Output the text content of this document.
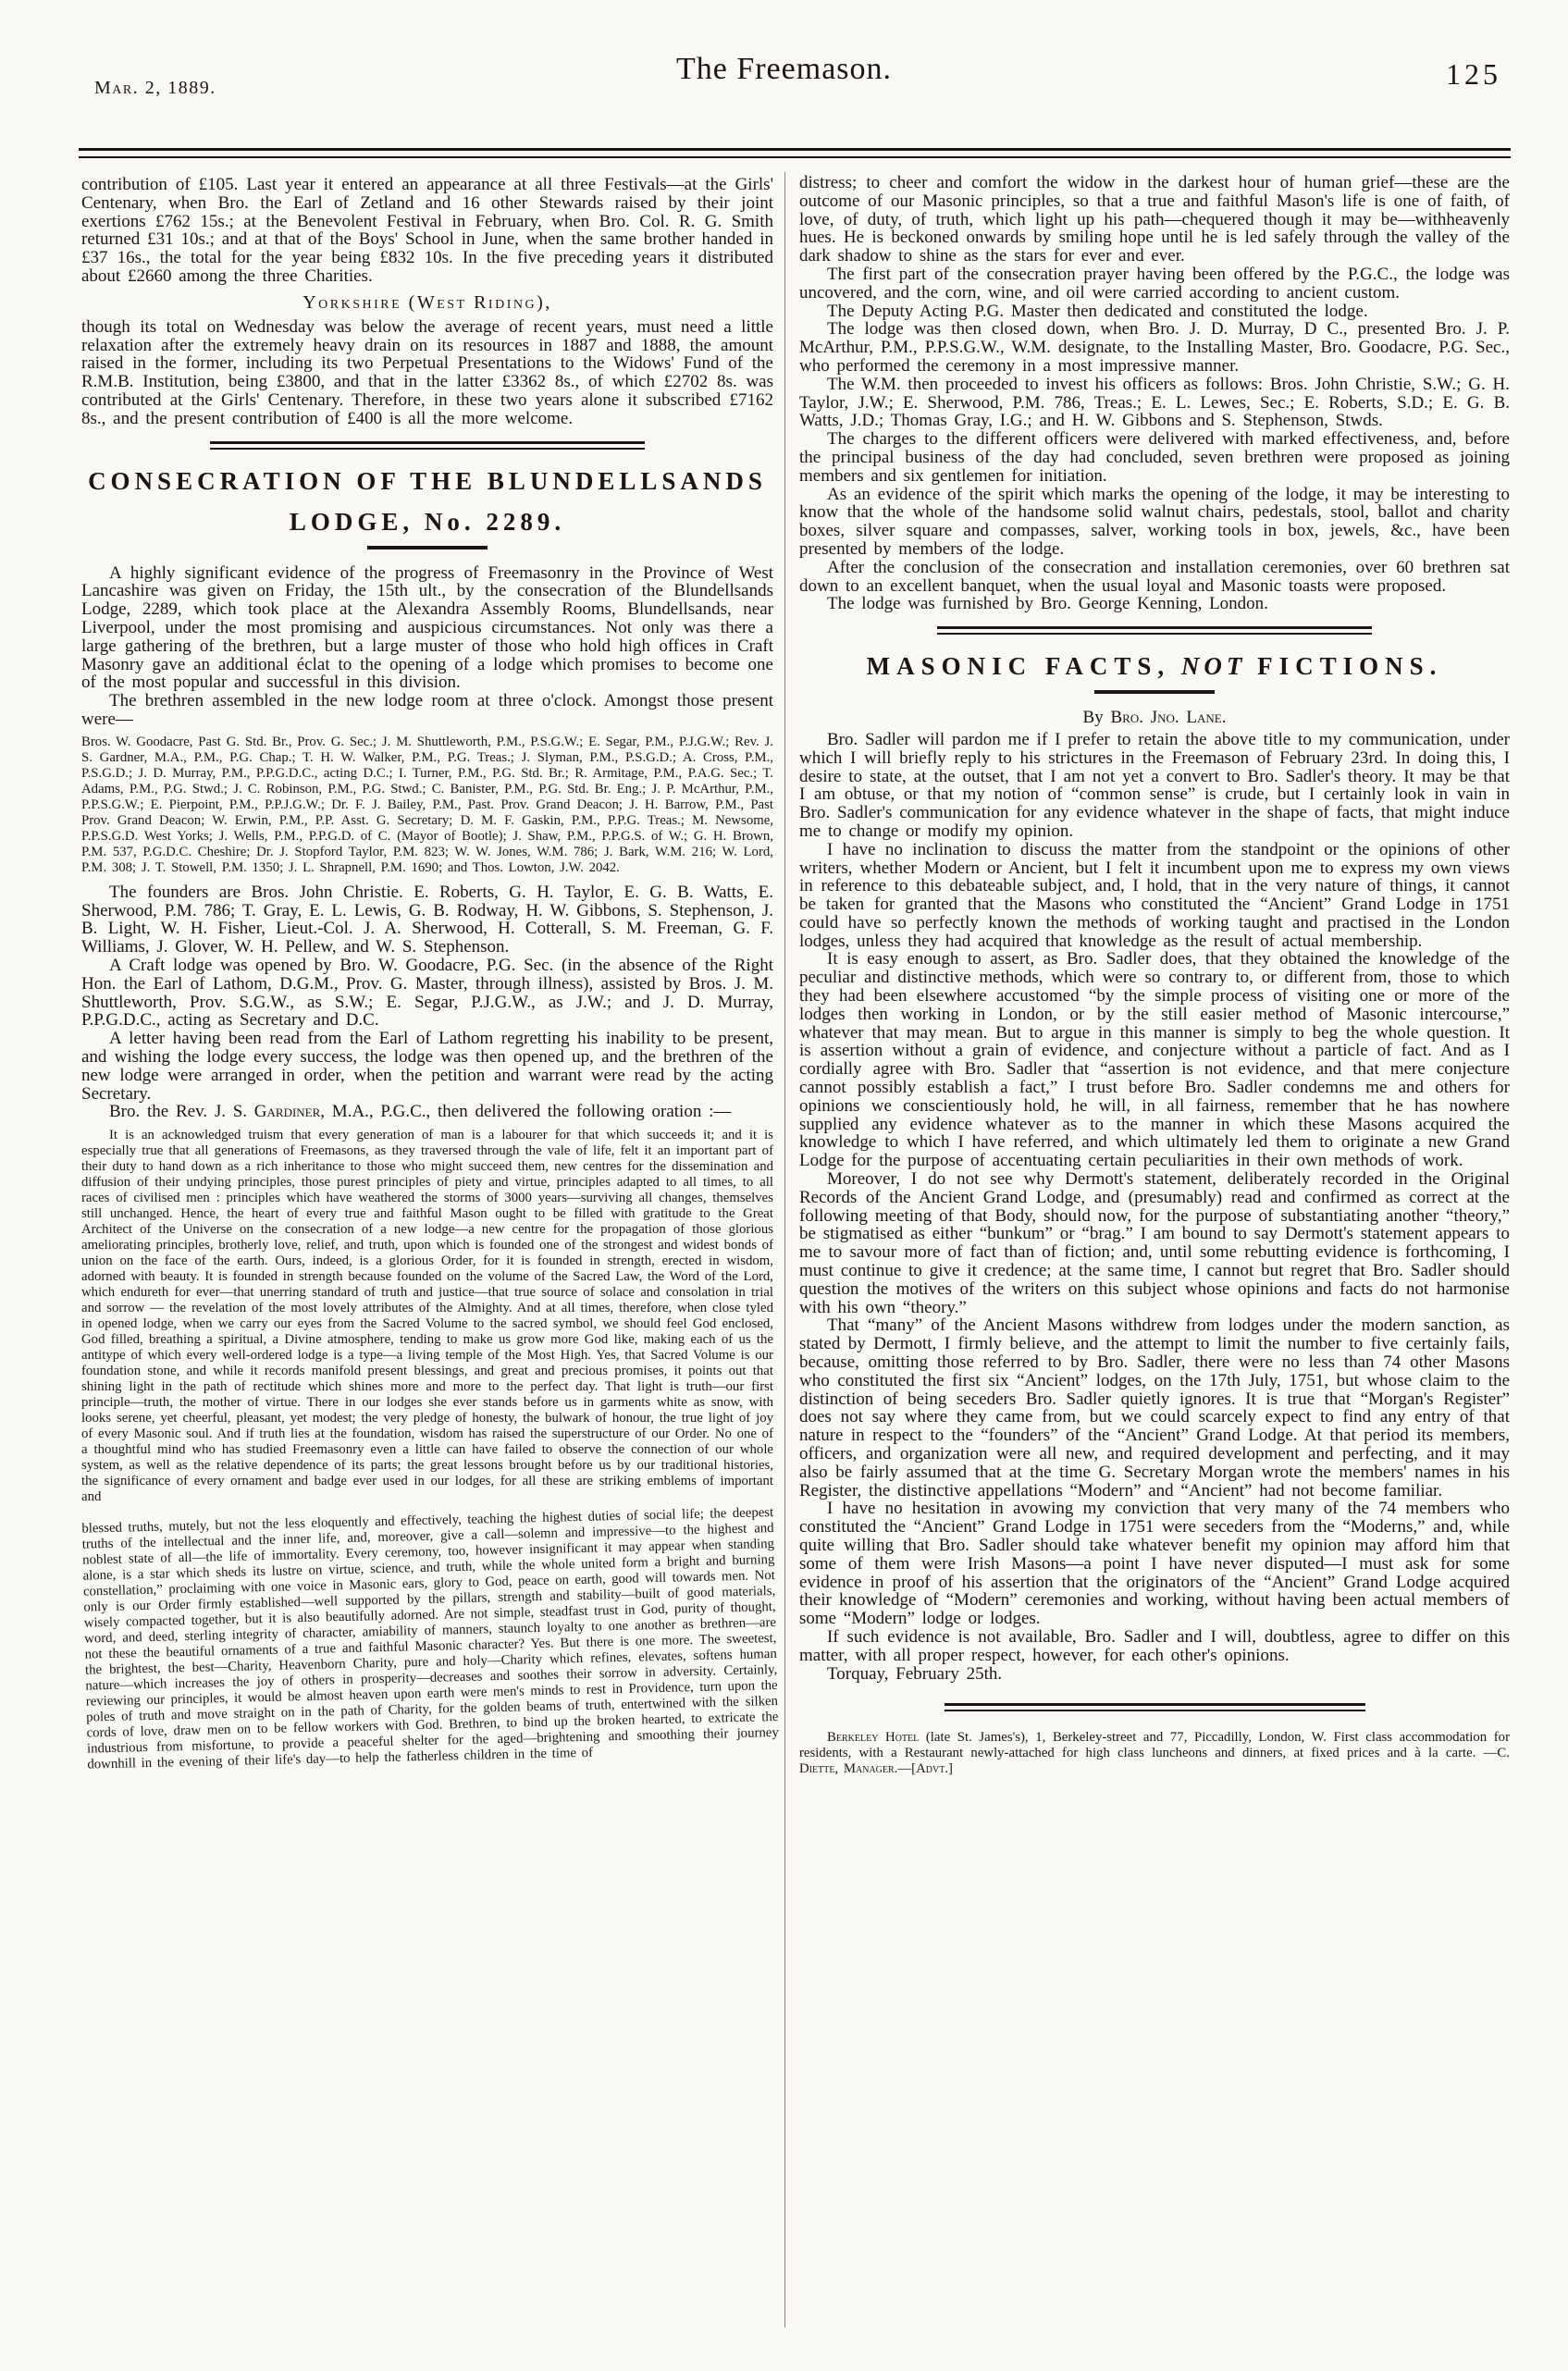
Mar. 2, 1889.
The Freemason.	125

contribution of £105. Last year it entered an appearance at all three Festivals—at the Girls' Centenary, when Bro. the Earl of Zetland and 16 other Stewards raised by their joint exertions £762 15s.; at the Benevolent Festival in February, when Bro. Col. R. G. Smith returned £31 10s.; and at that of the Boys' School in June, when the same brother handed in £37 16s., the total for the year being £832 10s. In the five preceding years it distributed about £2660 among the three Charities.

Yorkshire (West Riding),

though its total on Wednesday was below the average of recent years, must need a little relaxation after the extremely heavy drain on its resources in 1887 and 1888, the amount raised in the former, including its two Perpetual Presentations to the Widows' Fund of the R.M.B. Institution, being £3800, and that in the latter £3362 8s., of which £2702 8s. was contributed at the Girls' Centenary. Therefore, in these two years alone it subscribed £7162 8s., and the present contribution of £400 is all the more welcome.

CONSECRATION OF THE BLUNDELLSANDS
LODGE, No. 2289.

A highly significant evidence of the progress of Freemasonry in the Province of West Lancashire was given on Friday, the 15th ult., by the consecration of the Blundellsands Lodge, 2289, which took place at the Alexandra Assembly Rooms, Blundellsands, near Liverpool, under the most promising and auspicious circumstances. Not only was there a large gathering of the brethren, but a large muster of those who hold high offices in Craft Masonry gave an additional éclat to the opening of a lodge which promises to become one of the most popular and successful in this division.

The brethren assembled in the new lodge room at three o'clock. Amongst those present were—

Bros. W. Goodacre, Past G. Std. Br., Prov. G. Sec.; J. M. Shuttleworth, P.M., P.S.G.W.; E. Segar, P.M., P.J.G.W.; Rev. J. S. Gardner, M.A., P.M., P.G. Chap.; T. H. W. Walker, P.M., P.G. Treas.; J. Slyman, P.M., P.S.G.D.; A. Cross, P.M., P.S.G.D.; J. D. Murray, P.M., P.P.G.D.C., acting D.C.; I. Turner, P.M., P.G. Std. Br.; R. Armitage, P.M., P.A.G. Sec.; T. Adams, P.M., P.G. Stwd.; J. C. Robinson, P.M., P.G. Stwd.; C. Banister, P.M., P.G. Std. Br. Eng.; J. P. McArthur, P.M., P.P.S.G.W.; E. Pierpoint, P.M., P.P.J.G.W.; Dr. F. J. Bailey, P.M., Past. Prov. Grand Deacon; J. H. Barrow, P.M., Past Prov. Grand Deacon; W. Erwin, P.M., P.P. Asst. G. Secretary; D. M. F. Gaskin, P.M., P.P.G. Treas.; M. Newsome, P.P.S.G.D. West Yorks; J. Wells, P.M., P.P.G.D. of C. (Mayor of Bootle); J. Shaw, P.M., P.P.G.S. of W.; G. H. Brown, P.M. 537, P.G.D.C. Cheshire; Dr. J. Stopford Taylor, P.M. 823; W. W. Jones, W.M. 786; J. Bark, W.M. 216; W. Lord, P.M. 308; J. T. Stowell, P.M. 1350; J. L. Shrapnell, P.M. 1690; and Thos. Lowton, J.W. 2042.

The founders are Bros. John Christie. E. Roberts, G. H. Taylor, E. G. B. Watts, E. Sherwood, P.M. 786; T. Gray, E. L. Lewis, G. B. Rodway, H. W. Gibbons, S. Stephenson, J. B. Light, W. H. Fisher, Lieut.-Col. J. A. Sherwood, H. Cotterall, S. M. Freeman, G. F. Williams, J. Glover, W. H. Pellew, and W. S. Stephenson.

A Craft lodge was opened by Bro. W. Goodacre, P.G. Sec. (in the absence of the Right Hon. the Earl of Lathom, D.G.M., Prov. G. Master, through illness), assisted by Bros. J. M. Shuttleworth, Prov. S.G.W., as S.W.; E. Segar, P.J.G.W., as J.W.; and J. D. Murray, P.P.G.D.C., acting as Secretary and D.C.

A letter having been read from the Earl of Lathom regretting his inability to be present, and wishing the lodge every success, the lodge was then opened up, and the brethren of the new lodge were arranged in order, when the petition and warrant were read by the acting Secretary.

Bro. the Rev. J. S. Gardiner, M.A., P.G.C., then delivered the following oration :—

It is an acknowledged truism that every generation of man is a labourer for that which succeeds it; and it is especially true that all generations of Freemasons, as they traversed through the vale of life, felt it an important part of their duty to hand down as a rich inheritance to those who might succeed them, new centres for the dissemination and diffusion of their undying principles, those purest principles of piety and virtue, principles adapted to all times, to all races of civilised men : principles which have weathered the storms of 3000 years—surviving all changes, themselves still unchanged. Hence, the heart of every true and faithful Mason ought to be filled with gratitude to the Great Architect of the Universe on the consecration of a new lodge—a new centre for the propagation of those glorious ameliorating principles, brotherly love, relief, and truth, upon which is founded one of the strongest and widest bonds of union on the face of the earth. Ours, indeed, is a glorious Order, for it is founded in strength, erected in wisdom, adorned with beauty. It is founded in strength because founded on the volume of the Sacred Law, the Word of the Lord, which endureth for ever—that unerring standard of truth and justice—that true source of solace and consolation in trial and sorrow — the revelation of the most lovely attributes of the Almighty. And at all times, therefore, when close tyled in opened lodge, when we carry our eyes from the Sacred Volume to the sacred symbol, we should feel God enclosed, God filled, breathing a spiritual, a Divine atmosphere, tending to make us grow more God like, making each of us the antitype of which every well-ordered lodge is a type—a living temple of the Most High. Yes, that Sacred Volume is our foundation stone, and while it records manifold present blessings, and great and precious promises, it points out that shining light in the path of rectitude which shines more and more to the perfect day. That light is truth—our first principle—truth, the mother of virtue. There in our lodges she ever stands before us in garments white as snow, with looks serene, yet cheerful, pleasant, yet modest; the very pledge of honesty, the bulwark of honour, the true light of joy of every Masonic soul. And if truth lies at the foundation, wisdom has raised the superstructure of our Order. No one of a thoughtful mind who has studied Freemasonry even a little can have failed to observe the connection of our whole system, as well as the relative dependence of its parts; the great lessons brought before us by our traditional histories, the significance of every ornament and badge ever used in our lodges, for all these are striking emblems of important and

blessed truths, mutely, but not the less eloquently and effectively, teaching the highest duties of social life; the deepest truths of the intellectual and the inner life, and, moreover, give a call—solemn and impressive—to the highest and noblest state of all—the life of immortality. Every ceremony, too, however insignificant it may appear when standing alone, is a star which sheds its lustre on virtue, science, and truth, while the whole united form a bright and burning constellation,” proclaiming with one voice in Masonic ears, glory to God, peace on earth, good will towards men. Not only is our Order firmly established—well supported by the pillars, strength and stability—built of good materials, wisely compacted together, but it is also beautifully adorned. Are not simple, steadfast trust in God, purity of thought, word, and deed, sterling integrity of character, amiability of manners, staunch loyalty to one another as brethren—are not these the beautiful ornaments of a true and faithful Masonic character? Yes. But there is one more. The sweetest, the brightest, the best—Charity, Heavenborn Charity, pure and holy—Charity which refines, elevates, softens human nature—which increases the joy of others in prosperity—decreases and soothes their sorrow in adversity. Certainly, reviewing our principles, it would be almost heaven upon earth were men's minds to rest in Providence, turn upon the poles of truth and move straight on in the path of Charity, for the golden beams of truth, entertwined with the silken cords of love, draw men on to be fellow workers with God. Brethren, to bind up the broken hearted, to extricate the industrious from misfortune, to provide a peaceful shelter for the aged—brightening and smoothing their journey downhill in the evening of their life's day—to help the fatherless children in the time of

distress; to cheer and comfort the widow in the darkest hour of human grief—these are the outcome of our Masonic principles, so that a true and faithful Mason's life is one of faith, of love, of duty, of truth, which light up his path—chequered though it may be—withheavenly hues. He is beckoned onwards by smiling hope until he is led safely through the valley of the dark shadow to shine as the stars for ever and ever.

The first part of the consecration prayer having been offered by the P.G.C., the lodge was uncovered, and the corn, wine, and oil were carried according to ancient custom.

The Deputy Acting P.G. Master then dedicated and constituted the lodge.

The lodge was then closed down, when Bro. J. D. Murray, D C., presented Bro. J. P. McArthur, P.M., P.P.S.G.W., W.M. designate, to the Installing Master, Bro. Goodacre, P.G. Sec., who performed the ceremony in a most impressive manner.

The W.M. then proceeded to invest his officers as follows: Bros. John Christie, S.W.; G. H. Taylor, J.W.; E. Sherwood, P.M. 786, Treas.; E. L. Lewes, Sec.; E. Roberts, S.D.; E. G. B. Watts, J.D.; Thomas Gray, I.G.; and H. W. Gibbons and S. Stephenson, Stwds.

The charges to the different officers were delivered with marked effectiveness, and, before the principal business of the day had concluded, seven brethren were proposed as joining members and six gentlemen for initiation.

As an evidence of the spirit which marks the opening of the lodge, it may be interesting to know that the whole of the handsome solid walnut chairs, pedestals, stool, ballot and charity boxes, silver square and compasses, salver, working tools in box, jewels, &c., have been presented by members of the lodge.

After the conclusion of the consecration and installation ceremonies, over 60 brethren sat down to an excellent banquet, when the usual loyal and Masonic toasts were proposed.

The lodge was furnished by Bro. George Kenning, London.

MASONIC FACTS, NOT FICTIONS.

By Bro. Jno. Lane.

Bro. Sadler will pardon me if I prefer to retain the above title to my communication, under which I will briefly reply to his strictures in the Freemason of February 23rd. In doing this, I desire to state, at the outset, that I am not yet a convert to Bro. Sadler's theory. It may be that I am obtuse, or that my notion of “common sense” is crude, but I certainly look in vain in Bro. Sadler's communication for any evidence whatever in the shape of facts, that might induce me to change or modify my opinion.

I have no inclination to discuss the matter from the standpoint or the opinions of other writers, whether Modern or Ancient, but I felt it incumbent upon me to express my own views in reference to this debateable subject, and, I hold, that in the very nature of things, it cannot be taken for granted that the Masons who constituted the “Ancient” Grand Lodge in 1751 could have so perfectly known the methods of working taught and practised in the London lodges, unless they had acquired that knowledge as the result of actual membership.

It is easy enough to assert, as Bro. Sadler does, that they obtained the knowledge of the peculiar and distinctive methods, which were so contrary to, or different from, those to which they had been elsewhere accustomed “by the simple process of visiting one or more of the lodges then working in London, or by the still easier method of Masonic intercourse,” whatever that may mean. But to argue in this manner is simply to beg the whole question. It is assertion without a grain of evidence, and conjecture without a particle of fact. And as I cordially agree with Bro. Sadler that “assertion is not evidence, and that mere conjecture cannot possibly establish a fact,” I trust before Bro. Sadler condemns me and others for opinions we conscientiously hold, he will, in all fairness, remember that he has nowhere supplied any evidence whatever as to the manner in which these Masons acquired the knowledge to which I have referred, and which ultimately led them to originate a new Grand Lodge for the purpose of accentuating certain peculiarities in their own methods of work.

Moreover, I do not see why Dermott's statement, deliberately recorded in the Original Records of the Ancient Grand Lodge, and (presumably) read and confirmed as correct at the following meeting of that Body, should now, for the purpose of substantiating another “theory,” be stigmatised as either “bunkum” or “brag.” I am bound to say Dermott's statement appears to me to savour more of fact than of fiction; and, until some rebutting evidence is forthcoming, I must continue to give it credence; at the same time, I cannot but regret that Bro. Sadler should question the motives of the writers on this subject whose opinions and facts do not harmonise with his own “theory.”

That “many” of the Ancient Masons withdrew from lodges under the modern sanction, as stated by Dermott, I firmly believe, and the attempt to limit the number to five certainly fails, because, omitting those referred to by Bro. Sadler, there were no less than 74 other Masons who constituted the first six “Ancient” lodges, on the 17th July, 1751, but whose claim to the distinction of being seceders Bro. Sadler quietly ignores. It is true that “Morgan's Register” does not say where they came from, but we could scarcely expect to find any entry of that nature in respect to the “founders” of the “Ancient” Grand Lodge. At that period its members, officers, and organization were all new, and required development and perfecting, and it may also be fairly assumed that at the time G. Secretary Morgan wrote the members' names in his Register, the distinctive appellations “Modern” and “Ancient” had not become familiar.

I have no hesitation in avowing my conviction that very many of the 74 members who constituted the “Ancient” Grand Lodge in 1751 were seceders from the “Moderns,” and, while quite willing that Bro. Sadler should take whatever benefit my opinion may afford him that some of them were Irish Masons—a point I have never disputed—I must ask for some evidence in proof of his assertion that the originators of the “Ancient” Grand Lodge acquired their knowledge of “Modern” ceremonies and working, without having been actual members of some “Modern” lodge or lodges.

If such evidence is not available, Bro. Sadler and I will, doubtless, agree to differ on this matter, with all proper respect, however, for each other's opinions.

Torquay, February 25th.

Berkeley Hotel (late St. James's), 1, Berkeley-street and 77, Piccadilly, London, W. First class accommodation for residents, with a Restaurant newly-attached for high class luncheons and dinners, at fixed prices and à la carte. —C. Diette, Manager.—[Advt.]
